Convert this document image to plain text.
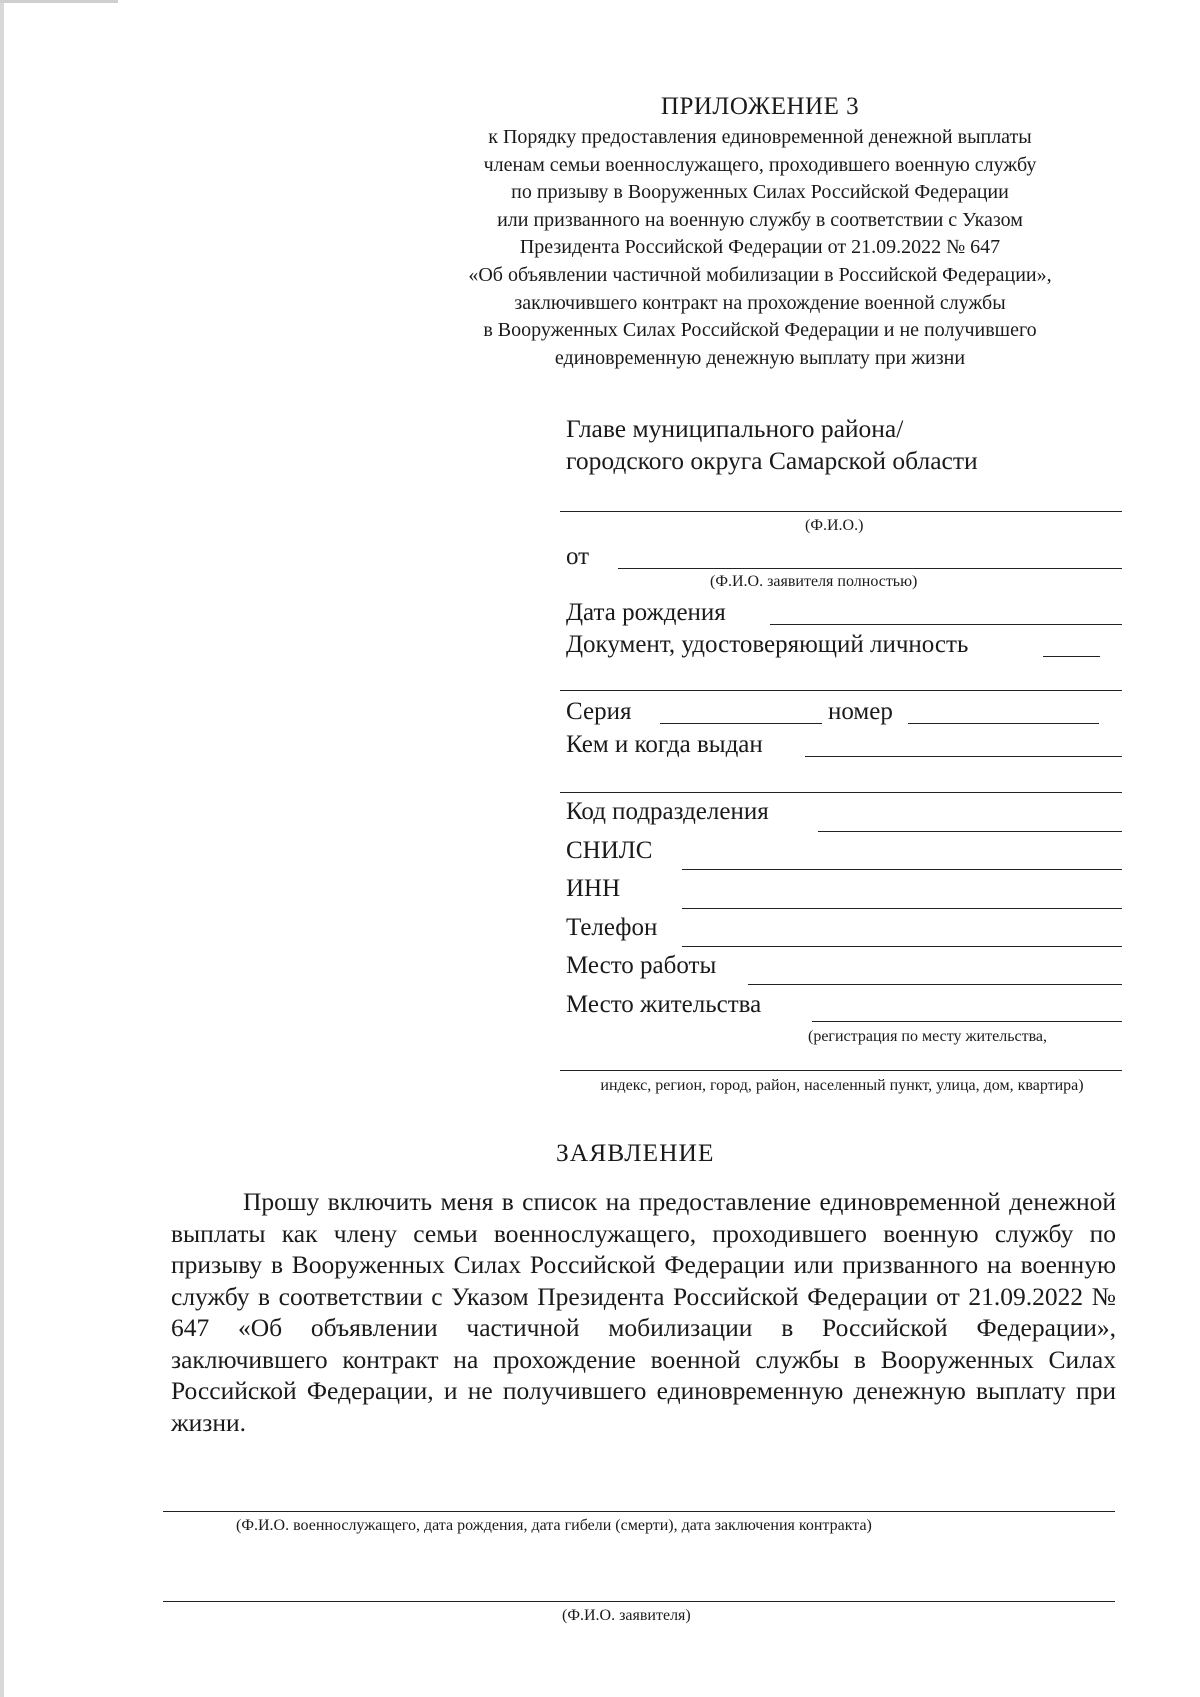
ПРИЛОЖЕНИЕ 3
к Порядку предоставления единовременной денежной выплаты
членам семьи военнослужащего, проходившего военную службу
по призыву в Вооруженных Силах Российской Федерации
или призванного на военную службу в соответствии с Указом
Президента Российской Федерации от 21.09.2022 № 647
«Об объявлении частичной мобилизации в Российской Федерации»,
заключившего контракт на прохождение военной службы
в Вооруженных Силах Российской Федерации и не получившего
единовременную денежную выплату при жизни
Главе муниципального района/
городского округа Самарской области
(Ф.И.О.)
от
(Ф.И.О. заявителя полностью)
Дата рождения
Документ, удостоверяющий личность
Серия	номер
Кем и когда выдан
Код подразделения
СНИЛС
ИНН
Телефон
Место работы
Место жительства
(регистрация по месту жительства,
индекс, регион, город, район, населенный пункт, улица, дом, квартира)
ЗАЯВЛЕНИЕ
Прошу включить меня в список на предоставление единовременной денежной выплаты как члену семьи военнослужащего, проходившего военную службу по призыву в Вооруженных Силах Российской Федерации или призванного на военную службу в соответствии с Указом Президента Российской Федерации от 21.09.2022 № 647 «Об объявлении частичной мобилизации в Российской Федерации», заключившего контракт на прохождение военной службы в Вооруженных Силах Российской Федерации, и не получившего единовременную денежную выплату при жизни.
(Ф.И.О. военнослужащего, дата рождения, дата гибели (смерти), дата заключения контракта)
(Ф.И.О. заявителя)
